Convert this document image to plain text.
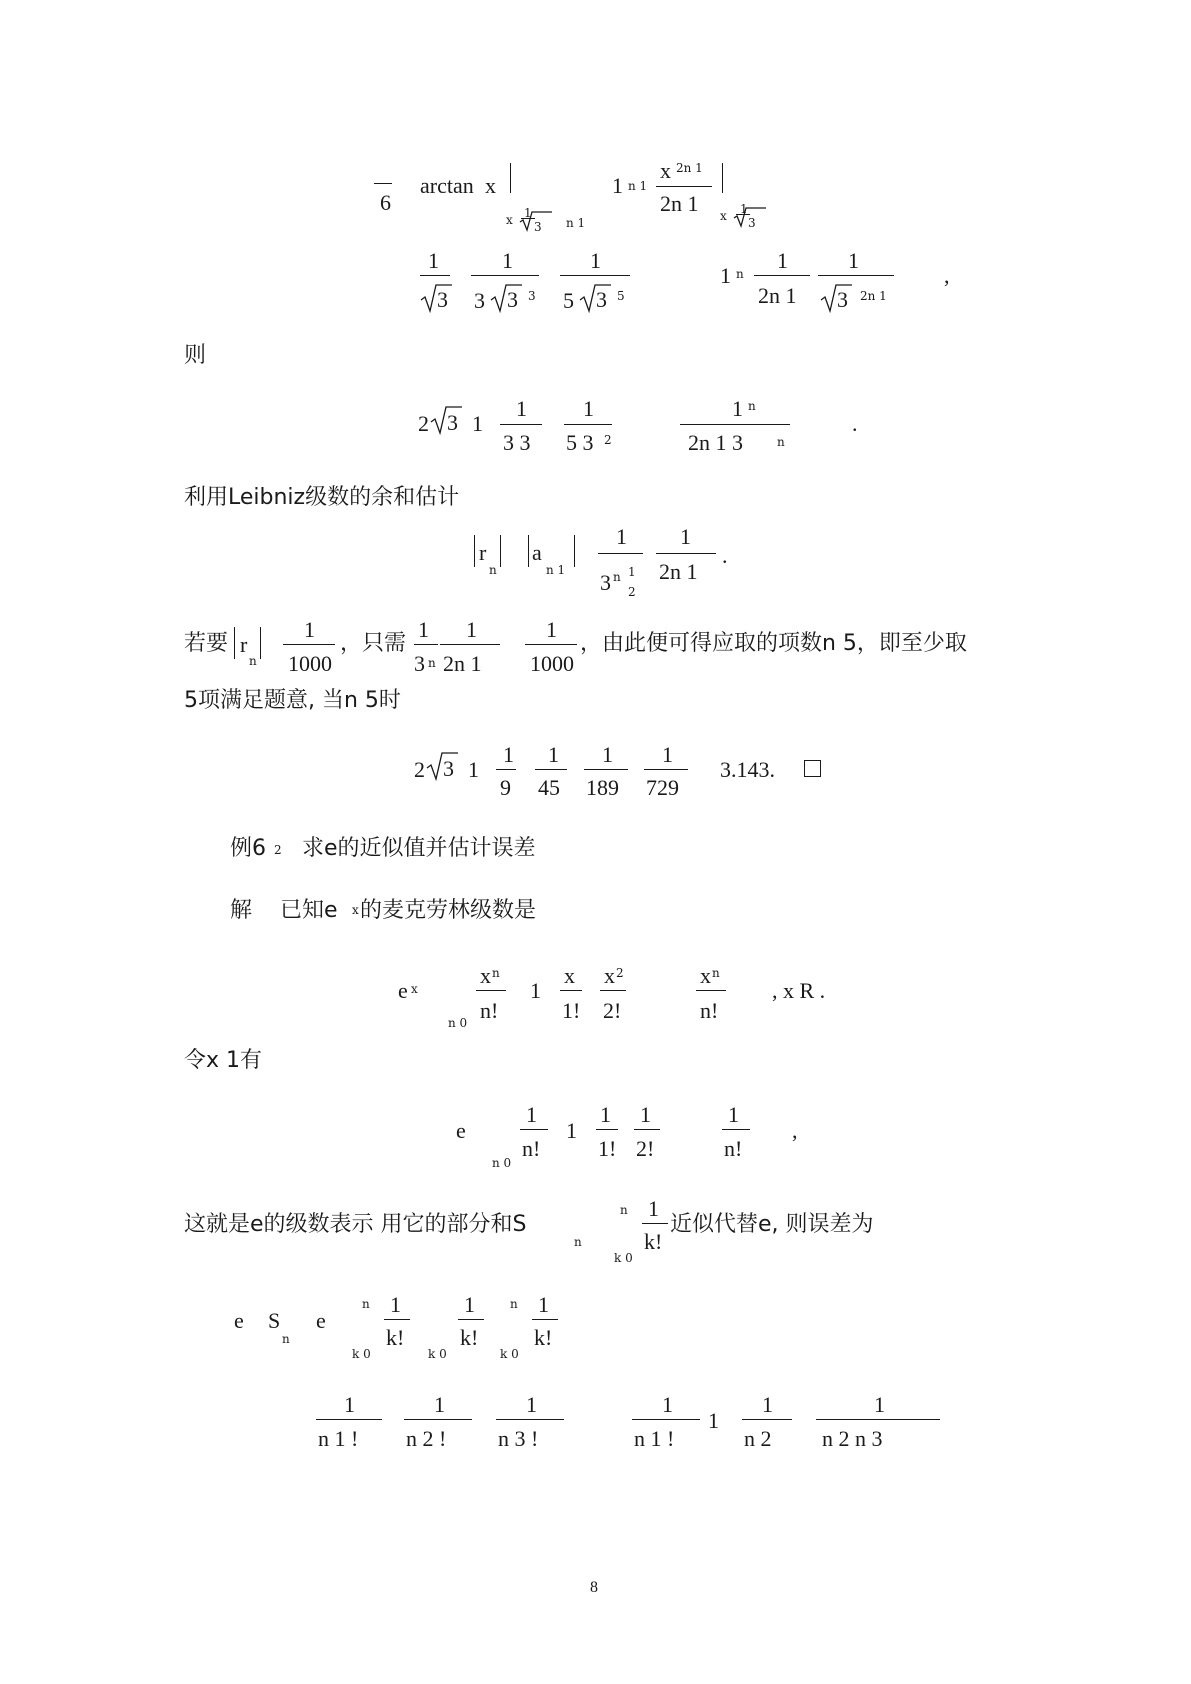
6
arctan x
x 1
3 n 1
1 n 1
x 2n 1
2n 1 x 1
3
1
3
1
3 3 3
1
5 3 5
1 n
1
2n 1
1
3 2n 1
,
则
2 3 1
1
3 3
1
5 3 2
1 n
2n 1 3	n
.
利用Leibniz级数的余和估计
r
n
a
n 1
1
3 n 1
2
1
2n 1
.
若要 r
n
1
1000
，只需
1
3 n
1
2n 1
1
1000
，由此便可得应取的项数n 5，即至少取
5项满足题意, 当n 5时
2 3 1
1
9
1
45
1
189
1
729
3.143.
例6 2 求e的近似值并估计误差
解 已知e x 的麦克劳林级数是
e x
n 0
x n
n!
1
x
1!
x 2
2!
x n
n!
, x R .
令x 1有
e
n 0
1
n!
1
1
1!
1
2!
1
n!
,
这就是e的级数表示 用它的部分和S
n
n
k 0
1
k!
近似代替e, 则误差为
e S
n
e
n
k 0
1
k!
k 0
1
k!
n
k 0
1
k!
1
n 1 !
1
n 2 !
1
n 3 !
1
n 1 !
1
1
n 2
1
n 2 n 3
8
